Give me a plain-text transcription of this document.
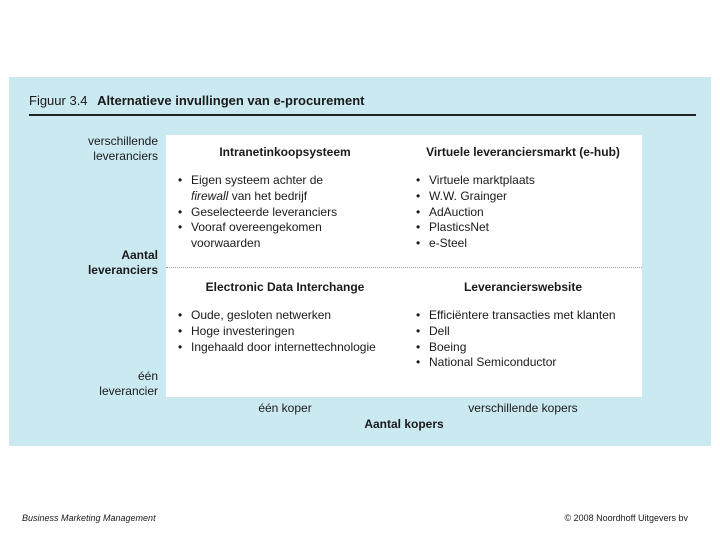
Figuur 3.4 Alternatieve invullingen van e-procurement
verschillende
leveranciers
Aantal
leveranciers
één
leverancier
Intranetinkoopsysteem
• Eigen systeem achter de
firewall van het bedrijf
• Geselecteerde leveranciers
• Vooraf overeengekomen
voorwaarden
Virtuele leveranciersmarkt (e-hub)
• Virtuele marktplaats
• W.W. Grainger
• AdAuction
• PlasticsNet
• e-Steel
Electronic Data Interchange
• Oude, gesloten netwerken
• Hoge investeringen
• Ingehaald door internettechnologie
Leverancierswebsite
• Efficiëntere transacties met klanten
• Dell
• Boeing
• National Semiconductor
één koper	verschillende kopers
Aantal kopers
Business Marketing Management	© 2008 Noordhoff Uitgevers bv
